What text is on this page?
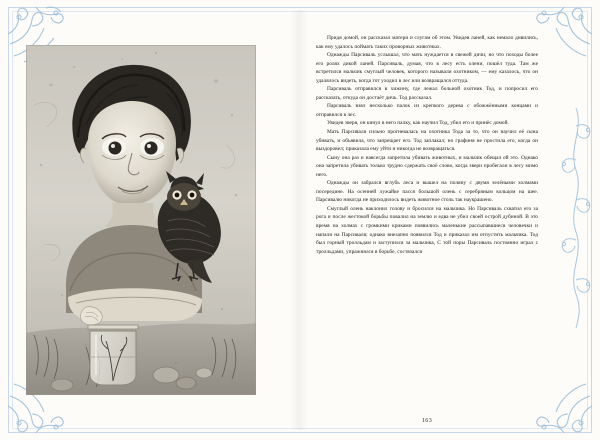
Придя домой, он рассказал матери и слугам об этом. Увидев ланей, как немало дивились, как ему удалось поймать таких проворных животных.

Однажды Парсиваль услышал, что мать нуждается в свежей дичи, но что походы более его ролях дикой ланей. Парсиваль, думая, что в лесу есть олени, пошёл туда. Там же встретился мальчик смуглый человек, которого называли охотником, — ему казалось, что он удалялось видеть, когда тот уходил в лес или возвращался оттуда.

Парсиваль отправился в хижину, где лежал больной охотник Тод, и попросил его рассказать, откуда он достаёт дичь. Тод рассказал.

Парсиваль взял несколько палок из крепкого дерева с обожжёнными концами и отправился в лес.

Увидев зверя, он кинул в него палку, как научил Тод, убил его и принёс домой.

Мать Парсиваля сильно прогневалась на охотника Тода за то, что он научил её сына убивать, и объявила, что запрещает его. Тод заплакал; но графиня не простила его, когда он выздоровел; приказала ему уйти и никогда не возвращаться.

Сыну она раз и навсегда запретила убивать животных, и мальчик обещал ей это. Однако она запретила убивать только трудно сдержать своё слово, когда звери пробегали в лесу мимо него.

Однажды он забрался вглубь леса и вышел на поляну с двумя зелёными холмами посередине. На осенней лужайке пасся большой олень с серебряным кольцом на шее. Парсивалю никогда не приходилось видеть животное столь так наукрашено.

Смуглый олень наклонил голову и бросился на мальчика. Но Парсиваль схватил его за рога и после жестокой борьбы повалил на землю и едва не убил своей острой дубиной. В это время на холмах с громкими криками появились маленькие рассыпавшиеся человечки и напали на Парсиваля; однако внезапно появился Тод и приказал им отпустить мальчика. Тод был горный тролльдам и заступился за мальчика, С той поры Парсиваль постоянно играл с тролльдами, упражнялся в борьбе, состязался

163
